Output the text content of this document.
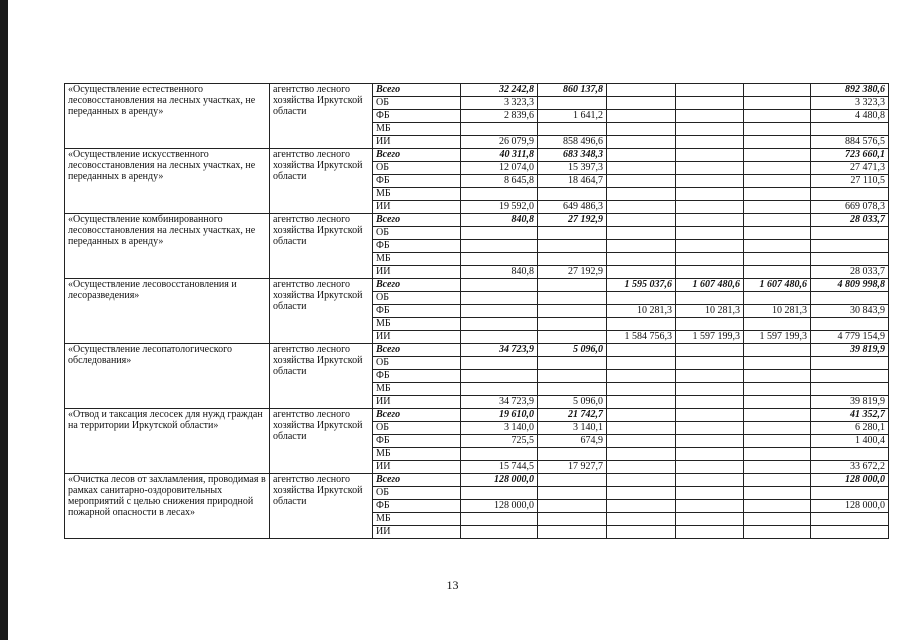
«Осуществление естественного лесовосстановления на лесных участках, не переданных в аренду»	агентство лесного хозяйства Иркутской области	Всего	32 242,8	860 137,8				892 380,6
		ОБ	3 323,3					3 323,3
		ФБ	2 839,6	1 641,2				4 480,8
		МБ						
		ИИ	26 079,9	858 496,6				884 576,5
«Осуществление искусственного лесовосстановления на лесных участках, не переданных в аренду»	агентство лесного хозяйства Иркутской области	Всего	40 311,8	683 348,3				723 660,1
		ОБ	12 074,0	15 397,3				27 471,3
		ФБ	8 645,8	18 464,7				27 110,5
		МБ						
		ИИ	19 592,0	649 486,3				669 078,3
«Осуществление комбинированного лесовосстановления на лесных участках, не переданных в аренду»	агентство лесного хозяйства Иркутской области	Всего	840,8	27 192,9				28 033,7
		ОБ						
		ФБ						
		МБ						
		ИИ	840,8	27 192,9				28 033,7
«Осуществление лесовосстановления и лесоразведения»	агентство лесного хозяйства Иркутской области	Всего			1 595 037,6	1 607 480,6	1 607 480,6	4 809 998,8
		ОБ						
		ФБ			10 281,3	10 281,3	10 281,3	30 843,9
		МБ						
		ИИ			1 584 756,3	1 597 199,3	1 597 199,3	4 779 154,9
«Осуществление лесопатологического обследования»	агентство лесного хозяйства Иркутской области	Всего	34 723,9	5 096,0				39 819,9
		ОБ						
		ФБ						
		МБ						
		ИИ	34 723,9	5 096,0				39 819,9
«Отвод и таксация лесосек для нужд граждан на территории Иркутской области»	агентство лесного хозяйства Иркутской области	Всего	19 610,0	21 742,7				41 352,7
		ОБ	3 140,0	3 140,1				6 280,1
		ФБ	725,5	674,9				1 400,4
		МБ						
		ИИ	15 744,5	17 927,7				33 672,2
«Очистка лесов от захламления, проводимая в рамках санитарно-оздоровительных мероприятий с целью снижения природной пожарной опасности в лесах»	агентство лесного хозяйства Иркутской области	Всего	128 000,0					128 000,0
		ОБ						
		ФБ	128 000,0					128 000,0
		МБ						
		ИИ						
13
